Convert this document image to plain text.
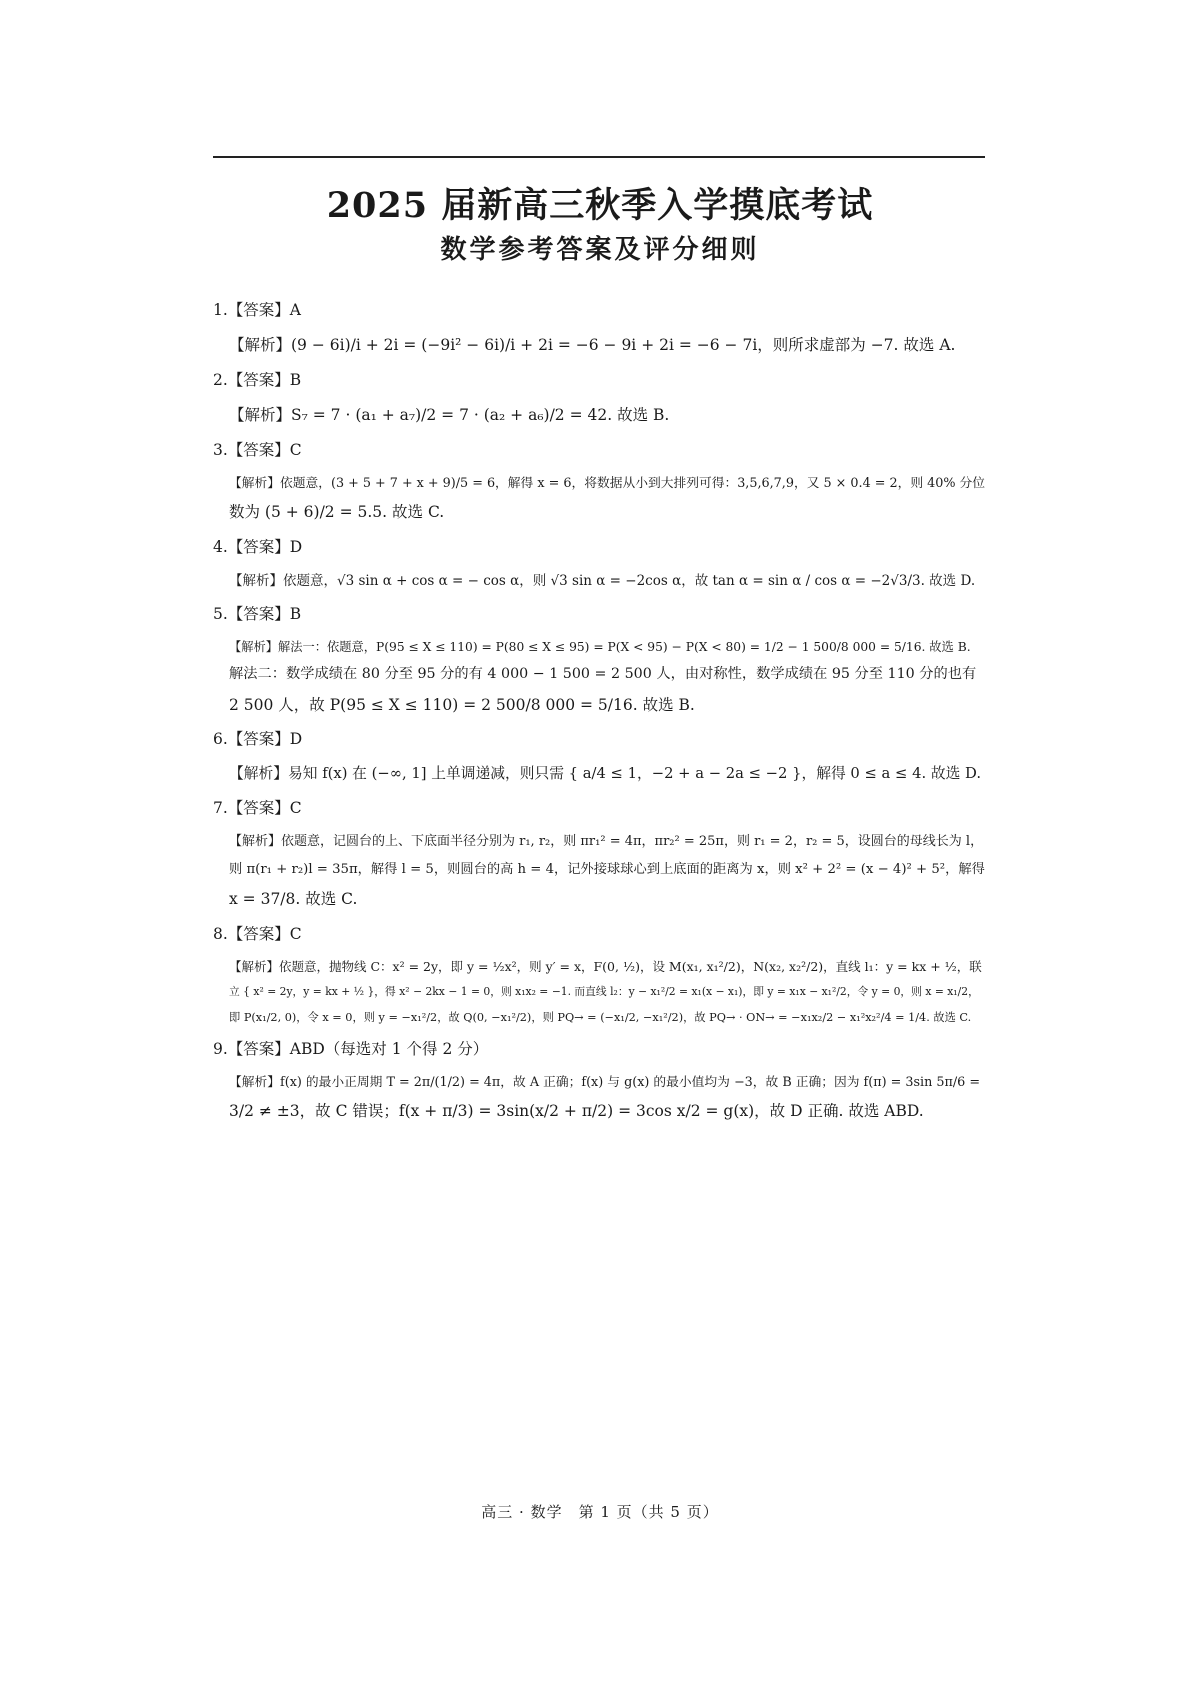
2025 届新高三秋季入学摸底考试
数学参考答案及评分细则
1.【答案】A
【解析】(9 − 6i)/i + 2i = (−9i² − 6i)/i + 2i = −6 − 9i + 2i = −6 − 7i，则所求虚部为 −7. 故选 A.
2.【答案】B
【解析】S₇ = 7 · (a₁ + a₇)/2 = 7 · (a₂ + a₆)/2 = 42. 故选 B.
3.【答案】C
【解析】依题意，(3 + 5 + 7 + x + 9)/5 = 6，解得 x = 6，将数据从小到大排列可得：3,5,6,7,9，又 5 × 0.4 = 2，则 40% 分位
数为 (5 + 6)/2 = 5.5. 故选 C.
4.【答案】D
【解析】依题意，√3 sin α + cos α = − cos α，则 √3 sin α = −2cos α，故 tan α = sin α / cos α = −2√3/3. 故选 D.
5.【答案】B
【解析】解法一：依题意，P(95 ≤ X ≤ 110) = P(80 ≤ X ≤ 95) = P(X < 95) − P(X < 80) = 1/2 − 1 500/8 000 = 5/16. 故选 B.
解法二：数学成绩在 80 分至 95 分的有 4 000 − 1 500 = 2 500 人，由对称性，数学成绩在 95 分至 110 分的也有
2 500 人，故 P(95 ≤ X ≤ 110) = 2 500/8 000 = 5/16. 故选 B.
6.【答案】D
【解析】易知 f(x) 在 (−∞, 1] 上单调递减，则只需 { a/4 ≤ 1，−2 + a − 2a ≤ −2 }，解得 0 ≤ a ≤ 4. 故选 D.
7.【答案】C
【解析】依题意，记圆台的上、下底面半径分别为 r₁, r₂，则 πr₁² = 4π，πr₂² = 25π，则 r₁ = 2，r₂ = 5，设圆台的母线长为 l，
则 π(r₁ + r₂)l = 35π，解得 l = 5，则圆台的高 h = 4，记外接球球心到上底面的距离为 x，则 x² + 2² = (x − 4)² + 5²，解得
x = 37/8. 故选 C.
8.【答案】C
【解析】依题意，抛物线 C：x² = 2y，即 y = ½x²，则 y′ = x，F(0, ½)，设 M(x₁, x₁²/2)，N(x₂, x₂²/2)，直线 l₁：y = kx + ½，联
立 { x² = 2y，y = kx + ½ }，得 x² − 2kx − 1 = 0，则 x₁x₂ = −1. 而直线 l₂：y − x₁²/2 = x₁(x − x₁)，即 y = x₁x − x₁²/2，令 y = 0，则 x = x₁/2，
即 P(x₁/2, 0)，令 x = 0，则 y = −x₁²/2，故 Q(0, −x₁²/2)，则 PQ→ = (−x₁/2, −x₁²/2)，故 PQ→ · ON→ = −x₁x₂/2 − x₁²x₂²/4 = 1/4. 故选 C.
9.【答案】ABD（每选对 1 个得 2 分）
【解析】f(x) 的最小正周期 T = 2π/(1/2) = 4π，故 A 正确；f(x) 与 g(x) 的最小值均为 −3，故 B 正确；因为 f(π) = 3sin 5π/6 =
3/2 ≠ ±3，故 C 错误；f(x + π/3) = 3sin(x/2 + π/2) = 3cos x/2 = g(x)，故 D 正确. 故选 ABD.
高三 · 数学　第 1 页（共 5 页）
